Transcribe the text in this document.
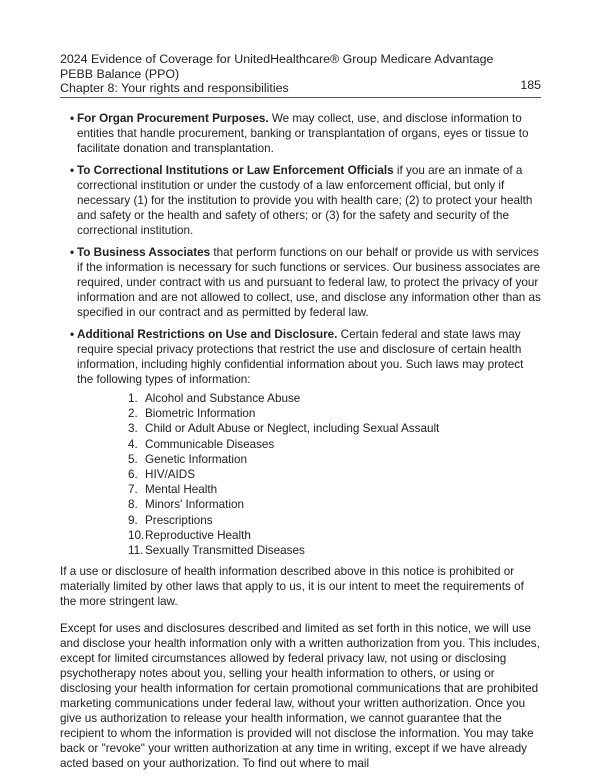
2024 Evidence of Coverage for UnitedHealthcare® Group Medicare Advantage PEBB Balance (PPO)
Chapter 8: Your rights and responsibilities	185
• For Organ Procurement Purposes. We may collect, use, and disclose information to entities that handle procurement, banking or transplantation of organs, eyes or tissue to facilitate donation and transplantation.
• To Correctional Institutions or Law Enforcement Officials if you are an inmate of a correctional institution or under the custody of a law enforcement official, but only if necessary (1) for the institution to provide you with health care; (2) to protect your health and safety or the health and safety of others; or (3) for the safety and security of the correctional institution.
• To Business Associates that perform functions on our behalf or provide us with services if the information is necessary for such functions or services. Our business associates are required, under contract with us and pursuant to federal law, to protect the privacy of your information and are not allowed to collect, use, and disclose any information other than as specified in our contract and as permitted by federal law.
• Additional Restrictions on Use and Disclosure. Certain federal and state laws may require special privacy protections that restrict the use and disclosure of certain health information, including highly confidential information about you. Such laws may protect the following types of information:
1. Alcohol and Substance Abuse
2. Biometric Information
3. Child or Adult Abuse or Neglect, including Sexual Assault
4. Communicable Diseases
5. Genetic Information
6. HIV/AIDS
7. Mental Health
8. Minors' Information
9. Prescriptions
10. Reproductive Health
11. Sexually Transmitted Diseases

If a use or disclosure of health information described above in this notice is prohibited or materially limited by other laws that apply to us, it is our intent to meet the requirements of the more stringent law.

Except for uses and disclosures described and limited as set forth in this notice, we will use and disclose your health information only with a written authorization from you. This includes, except for limited circumstances allowed by federal privacy law, not using or disclosing psychotherapy notes about you, selling your health information to others, or using or disclosing your health information for certain promotional communications that are prohibited marketing communications under federal law, without your written authorization. Once you give us authorization to release your health information, we cannot guarantee that the recipient to whom the information is provided will not disclose the information. You may take back or "revoke" your written authorization at any time in writing, except if we have already acted based on your authorization. To find out where to mail
